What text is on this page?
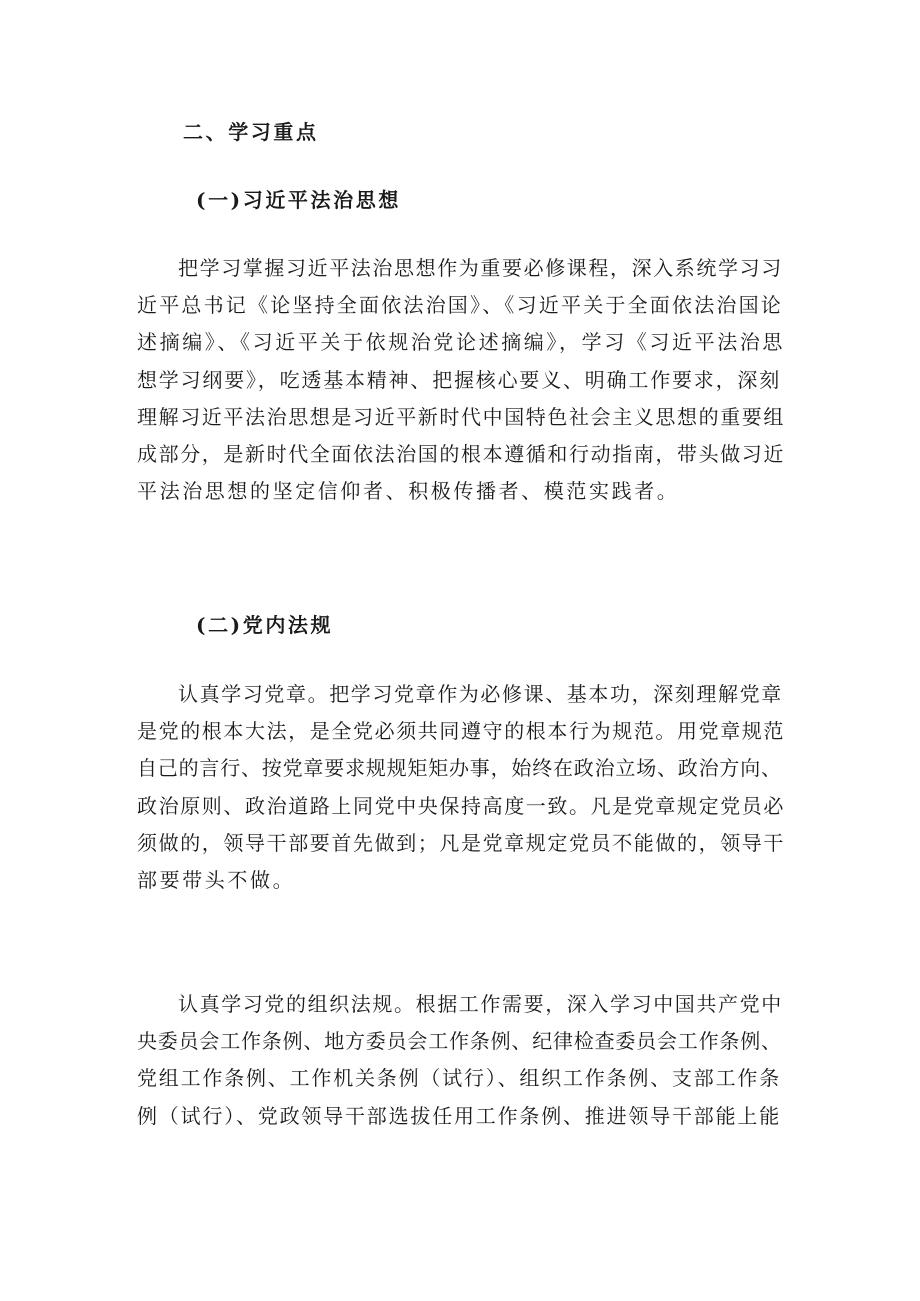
二、学习重点
(一)习近平法治思想

把学习掌握习近平法治思想作为重要必修课程，深入系统学习习
近平总书记《论坚持全面依法治国》、《习近平关于全面依法治国论
述摘编》、《习近平关于依规治党论述摘编》，学习《习近平法治思
想学习纲要》，吃透基本精神、把握核心要义、明确工作要求，深刻
理解习近平法治思想是习近平新时代中国特色社会主义思想的重要组
成部分，是新时代全面依法治国的根本遵循和行动指南，带头做习近
平法治思想的坚定信仰者、积极传播者、模范实践者。

(二)党内法规

认真学习党章。把学习党章作为必修课、基本功，深刻理解党章
是党的根本大法，是全党必须共同遵守的根本行为规范。用党章规范
自己的言行、按党章要求规规矩矩办事，始终在政治立场、政治方向、
政治原则、政治道路上同党中央保持高度一致。凡是党章规定党员必
须做的，领导干部要首先做到；凡是党章规定党员不能做的，领导干
部要带头不做。

认真学习党的组织法规。根据工作需要，深入学习中国共产党中
央委员会工作条例、地方委员会工作条例、纪律检查委员会工作条例、
党组工作条例、工作机关条例（试行）、组织工作条例、支部工作条
例（试行）、党政领导干部选拔任用工作条例、推进领导干部能上能
